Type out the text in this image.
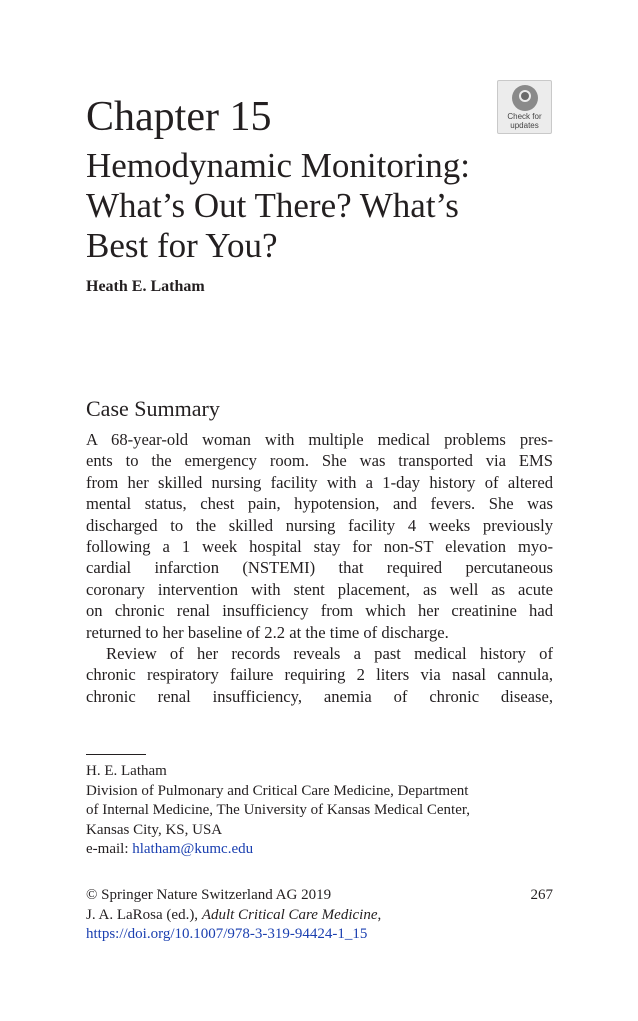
Chapter 15
Hemodynamic Monitoring:
What’s Out There? What’s
Best for You?
Check for
updates
Heath E. Latham
Case Summary

A 68-year-old woman with multiple medical problems pres-
ents to the emergency room. She was transported via EMS
from her skilled nursing facility with a 1-day history of altered
mental status, chest pain, hypotension, and fevers. She was
discharged to the skilled nursing facility 4 weeks previously
following a 1 week hospital stay for non-ST elevation myo-
cardial infarction (NSTEMI) that required percutaneous
coronary intervention with stent placement, as well as acute
on chronic renal insufficiency from which her creatinine had
returned to her baseline of 2.2 at the time of discharge.

Review of her records reveals a past medical history of
chronic respiratory failure requiring 2 liters via nasal cannula,
chronic renal insufficiency, anemia of chronic disease,

H. E. Latham
Division of Pulmonary and Critical Care Medicine, Department
of Internal Medicine, The University of Kansas Medical Center,
Kansas City, KS, USA
e-mail: hlatham@kumc.edu
© Springer Nature Switzerland AG 2019
J. A. LaRosa (ed.), Adult Critical Care Medicine,
https://doi.org/10.1007/978-3-319-94424-1_15
267
